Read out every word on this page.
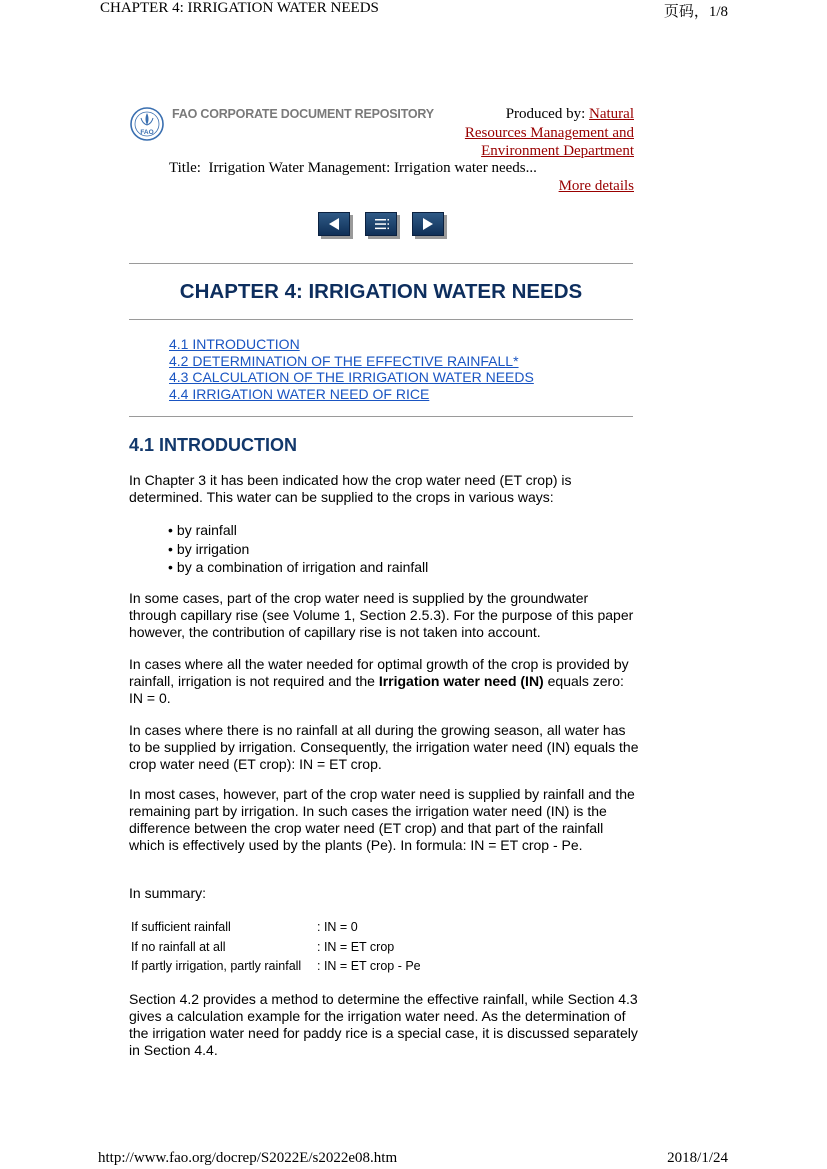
CHAPTER 4: IRRIGATION WATER NEEDS	页码，1/8
FAO
FAO CORPORATE DOCUMENT REPOSITORY	Produced by: Natural
Resources Management and
Environment Department
Title: Irrigation Water Management: Irrigation water needs...
More details
CHAPTER 4: IRRIGATION WATER NEEDS
4.1 INTRODUCTION
4.2 DETERMINATION OF THE EFFECTIVE RAINFALL*
4.3 CALCULATION OF THE IRRIGATION WATER NEEDS
4.4 IRRIGATION WATER NEED OF RICE
4.1 INTRODUCTION
In Chapter 3 it has been indicated how the crop water need (ET crop) is determined. This water can be supplied to the crops in various ways:
• by rainfall
• by irrigation
• by a combination of irrigation and rainfall
In some cases, part of the crop water need is supplied by the groundwater through capillary rise (see Volume 1, Section 2.5.3). For the purpose of this paper however, the contribution of capillary rise is not taken into account.
In cases where all the water needed for optimal growth of the crop is provided by rainfall, irrigation is not required and the Irrigation water need (IN) equals zero: IN = 0.
In cases where there is no rainfall at all during the growing season, all water has to be supplied by irrigation. Consequently, the irrigation water need (IN) equals the crop water need (ET crop): IN = ET crop.
In most cases, however, part of the crop water need is supplied by rainfall and the remaining part by irrigation. In such cases the irrigation water need (IN) is the difference between the crop water need (ET crop) and that part of the rainfall which is effectively used by the plants (Pe). In formula: IN = ET crop - Pe.
In summary:
If sufficient rainfall	: IN = 0
If no rainfall at all	: IN = ET crop
If partly irrigation, partly rainfall	: IN = ET crop - Pe
Section 4.2 provides a method to determine the effective rainfall, while Section 4.3 gives a calculation example for the irrigation water need. As the determination of the irrigation water need for paddy rice is a special case, it is discussed separately in Section 4.4.
http://www.fao.org/docrep/S2022E/s2022e08.htm	2018/1/24
